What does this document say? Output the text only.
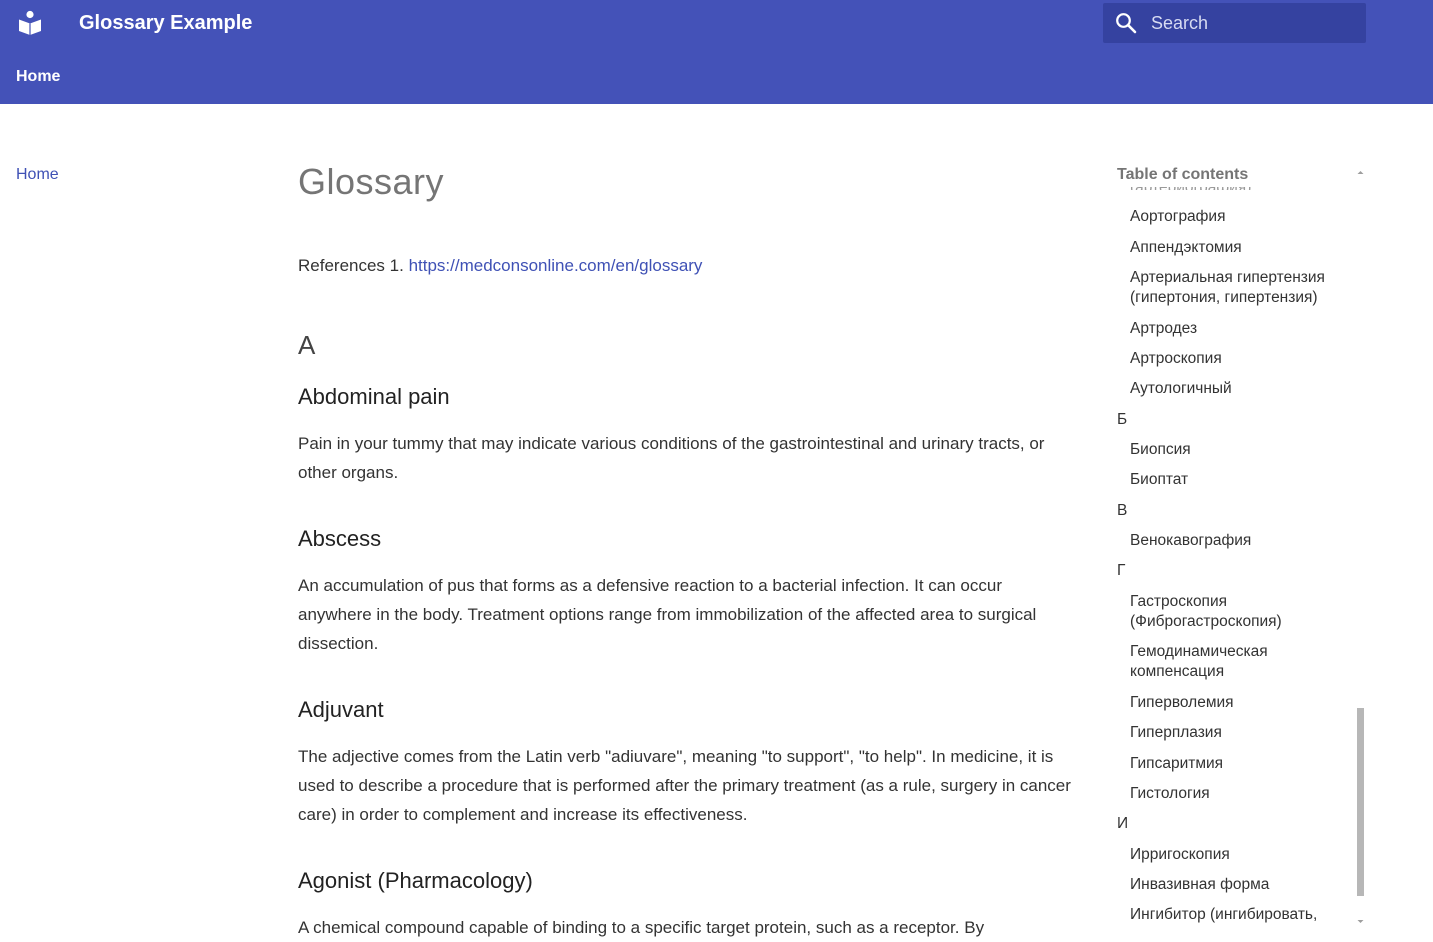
Glossary Example
Search
Home
Home	Glossary

References 1. https://medconsonline.com/en/glossary

A
Abdominal pain

Pain in your tummy that may indicate various conditions of the gastrointestinal and urinary tracts, or other organs.

Abscess

An accumulation of pus that forms as a defensive reaction to a bacterial infection. It can occur anywhere in the body. Treatment options range from immobilization of the affected area to surgical dissection.

Adjuvant

The adjective comes from the Latin verb "adiuvare", meaning "to support", "to help". In medicine, it is used to describe a procedure that is performed after the primary treatment (as a rule, surgery in cancer care) in order to complement and increase its effectiveness.

Agonist (Pharmacology)

A chemical compound capable of binding to a specific target protein, such as a receptor. By

Аортография
Аппендэктомия
Артериальная гипертензия (гипертония, гипертензия)
Артродез
Артроскопия
Аутологичный
Б
Биопсия
Биоптат
В
Венокавография
Г
Гастроскопия (Фиброгастроскопия)
Гемодинамическая компенсация
Гиперволемия
Гиперплазия
Гипсаритмия
Гистология
И
Ирригоскопия
Инвазивная форма
Ингибитор (ингибировать,
Table of contents
